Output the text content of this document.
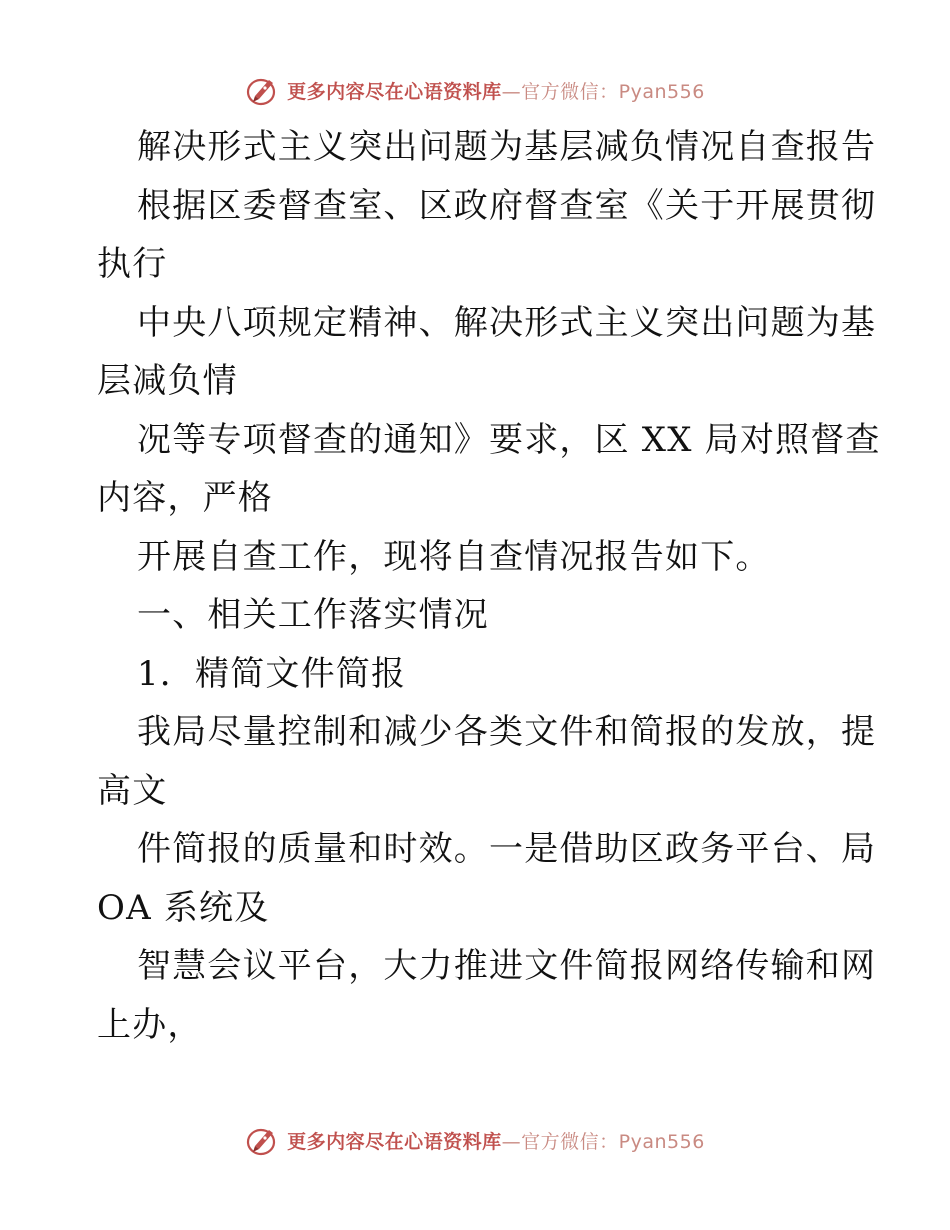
更多内容尽在心语资料库—官方微信：Pyan556
解决形式主义突出问题为基层减负情况自查报告
根据区委督查室、区政府督查室《关于开展贯彻
执行
中央八项规定精神、解决形式主义突出问题为基
层减负情
况等专项督查的通知》要求，区 XX 局对照督查
内容，严格
开展自查工作，现将自查情况报告如下。
一、相关工作落实情况
1．精简文件简报
我局尽量控制和减少各类文件和简报的发放，提
高文
件简报的质量和时效。一是借助区政务平台、局
OA 系统及
智慧会议平台，大力推进文件简报网络传输和网
上办，
更多内容尽在心语资料库—官方微信：Pyan556
